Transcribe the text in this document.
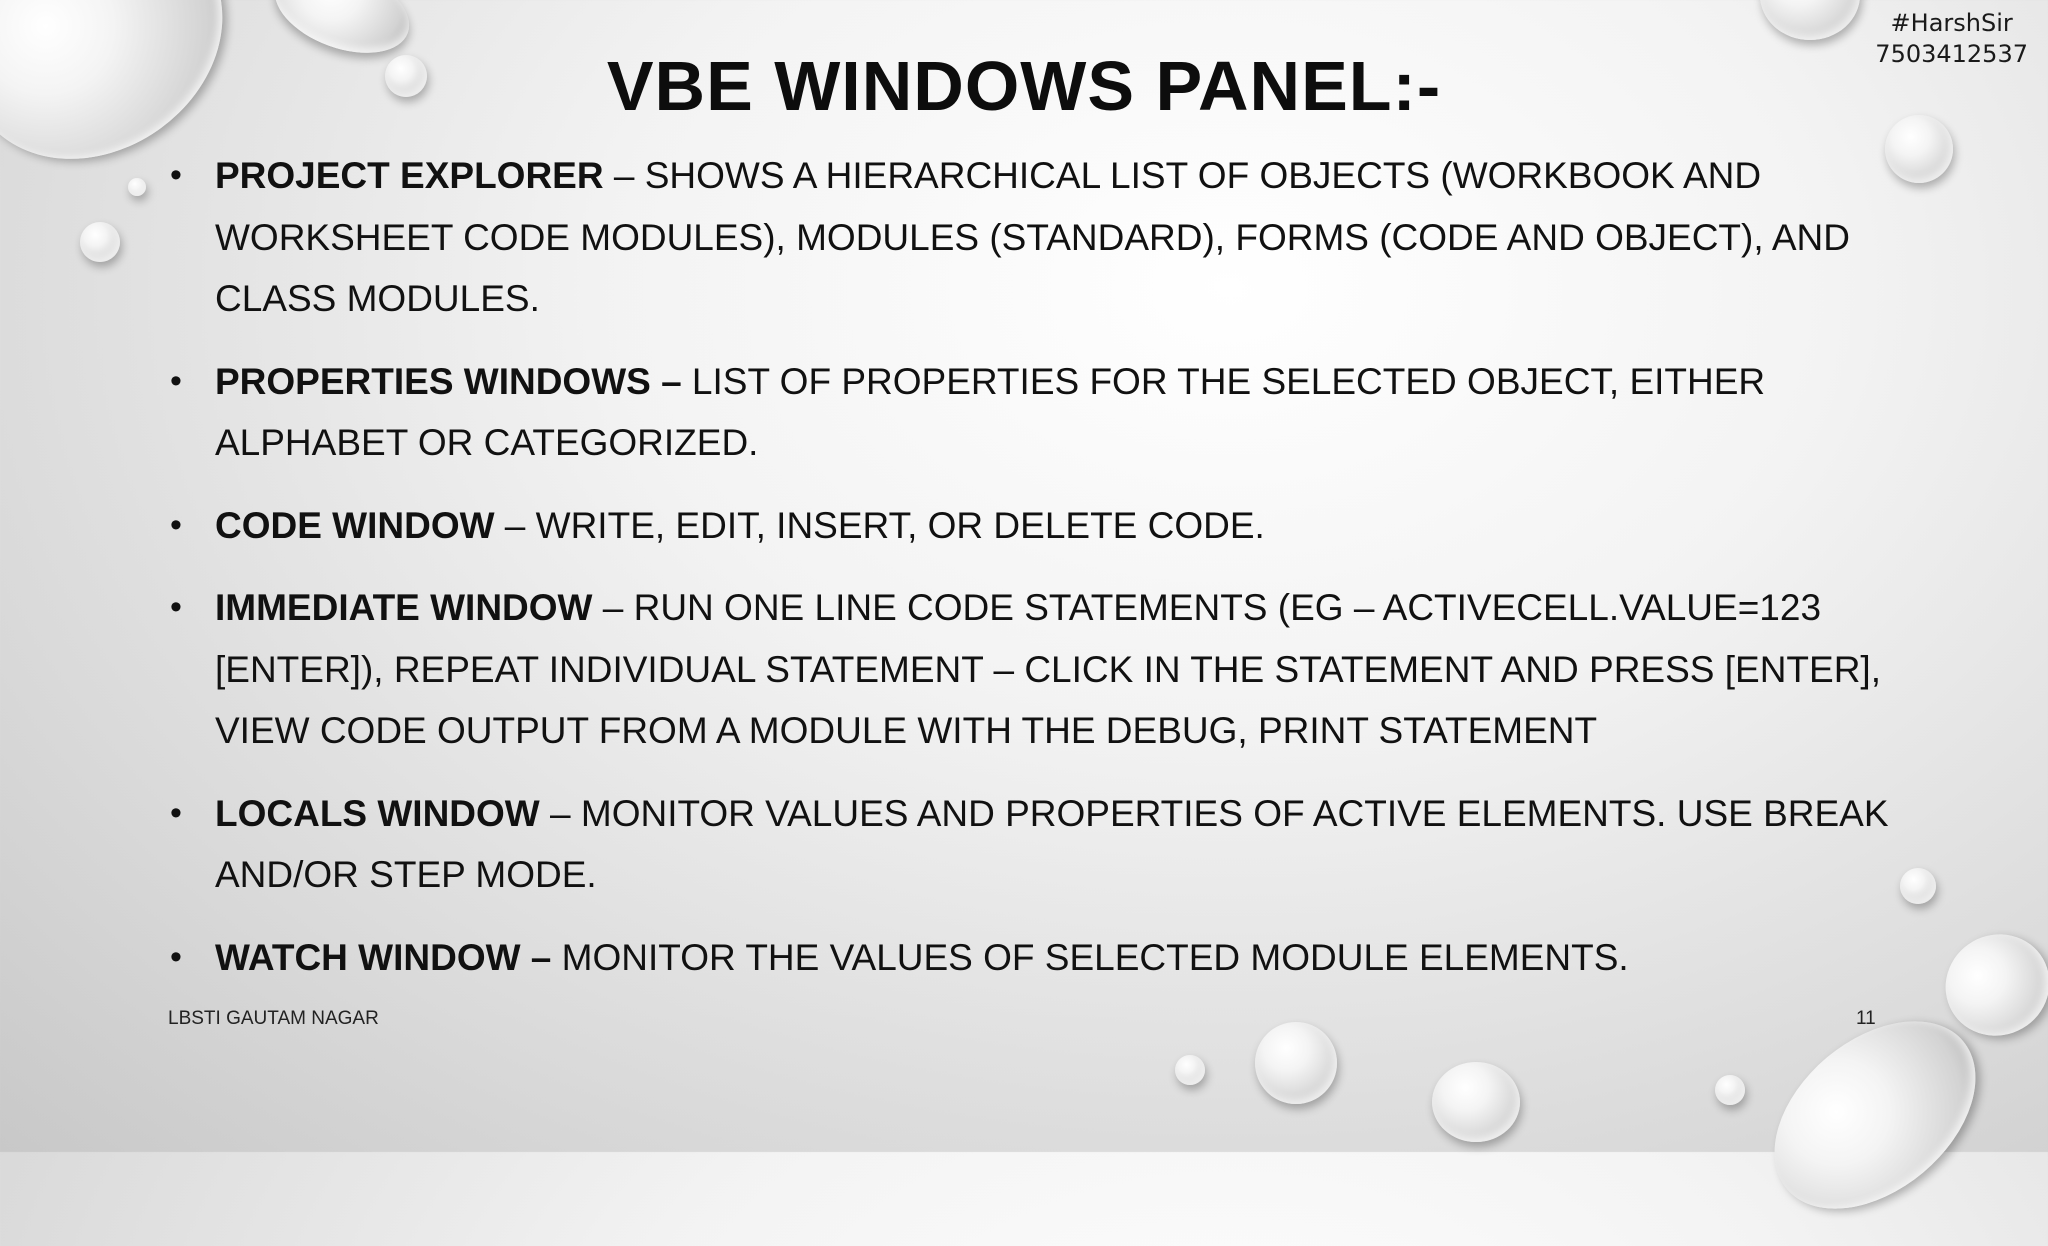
#HarshSir
7503412537
VBE WINDOWS PANEL:-
• PROJECT EXPLORER – SHOWS A HIERARCHICAL LIST OF OBJECTS (WORKBOOK AND WORKSHEET CODE MODULES), MODULES (STANDARD), FORMS (CODE AND OBJECT), AND CLASS MODULES.
• PROPERTIES WINDOWS – LIST OF PROPERTIES FOR THE SELECTED OBJECT, EITHER ALPHABET OR CATEGORIZED.
• CODE WINDOW – WRITE, EDIT, INSERT, OR DELETE CODE.
• IMMEDIATE WINDOW – RUN ONE LINE CODE STATEMENTS (EG – ACTIVECELL.VALUE=123 [ENTER]), REPEAT INDIVIDUAL STATEMENT – CLICK IN THE STATEMENT AND PRESS [ENTER], VIEW CODE OUTPUT FROM A MODULE WITH THE DEBUG, PRINT STATEMENT
• LOCALS WINDOW – MONITOR VALUES AND PROPERTIES OF ACTIVE ELEMENTS. USE BREAK AND/OR STEP MODE.
• WATCH WINDOW – MONITOR THE VALUES OF SELECTED MODULE ELEMENTS.
LBSTI GAUTAM NAGAR	11
